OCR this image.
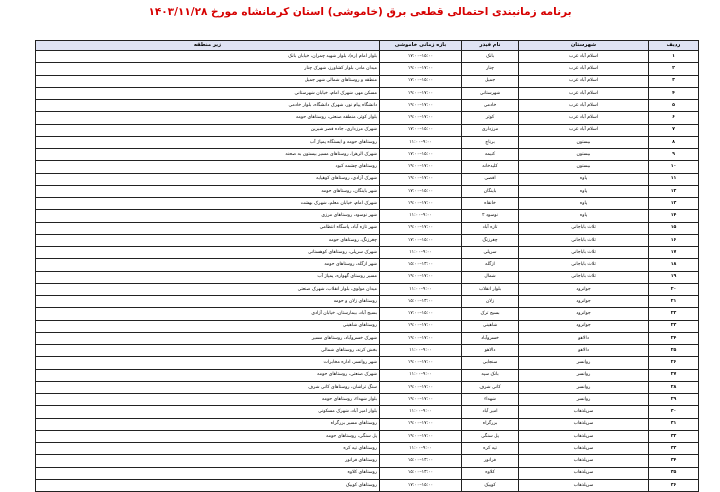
برنامه زمانبندی احتمالی قطعی برق (خاموشی) استان کرمانشاه مورخ ۱۴۰۳/۱۱/۲۸
ردیف	شهرستان	نام فیدر	بازه زمانی خاموشی	زیر منطقه
۱	اسلام آباد غرب	بانک	۱۵:۰۰–۱۷:۰۰	بلوار امام (ره)، بلوار شهید چمران، خیابان بانک
۲	اسلام آباد غرب	چنار	۱۷:۰۰–۱۹:۰۰	میدان مادر، بلوار کشاورز، شهرک چنار
۳	اسلام آباد غرب	جمیل	۱۵:۰۰–۱۷:۰۰	منطقه و روستاهای شمالی شهر جمیل
۴	اسلام آباد غرب	شهرستانی	۱۷:۰۰–۱۹:۰۰	مسکن مهر، شهرک امام، خیابان شهرستانی
۵	اسلام آباد غرب	خادمی	۱۷:۰۰–۱۹:۰۰	دانشگاه پیام نور، شهرک دانشگاه، بلوار خادمی
۶	اسلام آباد غرب	کوثر	۱۷:۰۰–۱۹:۰۰	بلوار کوثر، منطقه صنعتی، روستاهای حومه
۷	اسلام آباد غرب	مرزداری	۱۵:۰۰–۱۷:۰۰	شهرک مرزداری، جاده قصر شیرین
۸	بیستون	برناچ	۹:۰۰–۱۱:۰۰	روستاهای حومه و ایستگاه پمپاژ آب
۹	بیستون	کنیمه	۱۵:۰۰–۱۷:۰۰	شهرک الزهرا، روستاهای مسیر بیستون به صحنه
۱۰	بیستون	کلیدخانه	۱۷:۰۰–۱۹:۰۰	روستاهای چشمه کبود
۱۱	پاوه	اقصی	۱۷:۰۰–۱۹:۰۰	شهرک آزادی، روستاهای کوهپایه
۱۲	پاوه	باینگان	۱۵:۰۰–۱۷:۰۰	شهر باینگان، روستاهای حومه
۱۳	پاوه	خانقاه	۱۷:۰۰–۱۹:۰۰	شهرک امام، خیابان معلم، شهرک بهشت
۱۴	پاوه	نوسود ۲	۹:۰۰–۱۱:۰۰	شهر نوسود، روستاهای مرزی
۱۵	ثلاث باباجانی	تازه آباد	۱۷:۰۰–۱۹:۰۰	شهر تازه آباد، پاسگاه انتظامی
۱۶	ثلاث باباجانی	چغرزنگ	۱۵:۰۰–۱۷:۰۰	چغرزنگ، روستاهای حومه
۱۷	ثلاث باباجانی	سرپلی	۹:۰۰–۱۱:۰۰	شهرک سرپلی، روستاهای کوهستانی
۱۸	ثلاث باباجانی	ازگله	۱۳:۰۰–۱۵:۰۰	شهر ازگله، روستاهای حومه
۱۹	ثلاث باباجانی	شمال	۱۷:۰۰–۱۹:۰۰	مسیر روستای گهواره، پمپاژ آب
۲۰	جوانرود	بلوار انقلاب	۹:۰۰–۱۱:۰۰	میدان مولوی، بلوار انقلاب، شهرک صنعتی
۲۱	جوانرود	زلان	۱۳:۰۰–۱۵:۰۰	روستاهای زلان و حومه
۲۲	جوانرود	بسیج ترک	۱۵:۰۰–۱۷:۰۰	بسیج آباد، بیمارستان، خیابان آزادی
۲۳	جوانرود	شاهینی	۱۷:۰۰–۱۹:۰۰	روستاهای شاهینی
۲۴	دالاهو	خسروآباد	۱۷:۰۰–۱۹:۰۰	شهرک خسروآباد، روستاهای مسیر
۲۵	دالاهو	دالاهو	۹:۰۰–۱۱:۰۰	بخش کرند، روستاهای شمالی
۲۶	روانسر	سنجابی	۱۷:۰۰–۱۹:۰۰	شهر روانسر، اداره مخابرات
۲۷	روانسر	بانک سپه	۹:۰۰–۱۱:۰۰	شهرک صنعتی، روستاهای حومه
۲۸	روانسر	کانی شرف	۱۷:۰۰–۱۹:۰۰	سنگ تراشان، روستاهای کانی شرف
۲۹	روانسر	شهداء	۱۷:۰۰–۱۹:۰۰	بلوار شهداء، روستاهای حومه
۳۰	سرپلذهاب	امیر آباد	۹:۰۰–۱۱:۰۰	بلوار امیر آباد، شهرک مسکونی
۳۱	سرپلذهاب	بزرگراه	۱۷:۰۰–۱۹:۰۰	روستاهای مسیر بزرگراه
۳۲	سرپلذهاب	پل سنگی	۱۷:۰۰–۱۹:۰۰	پل سنگی، روستاهای حومه
۳۳	سرپلذهاب	تپه کره	۹:۰۰–۱۱:۰۰	روستاهای تپه کره
۳۴	سرپلذهاب	فرانور	۱۳:۰۰–۱۵:۰۰	روستاهای فرانور
۳۵	سرپلذهاب	کلاوه	۱۳:۰۰–۱۵:۰۰	روستاهای کلاوه
۳۶	سرپلذهاب	کوییک	۱۵:۰۰–۱۷:۰۰	روستاهای کوییک
